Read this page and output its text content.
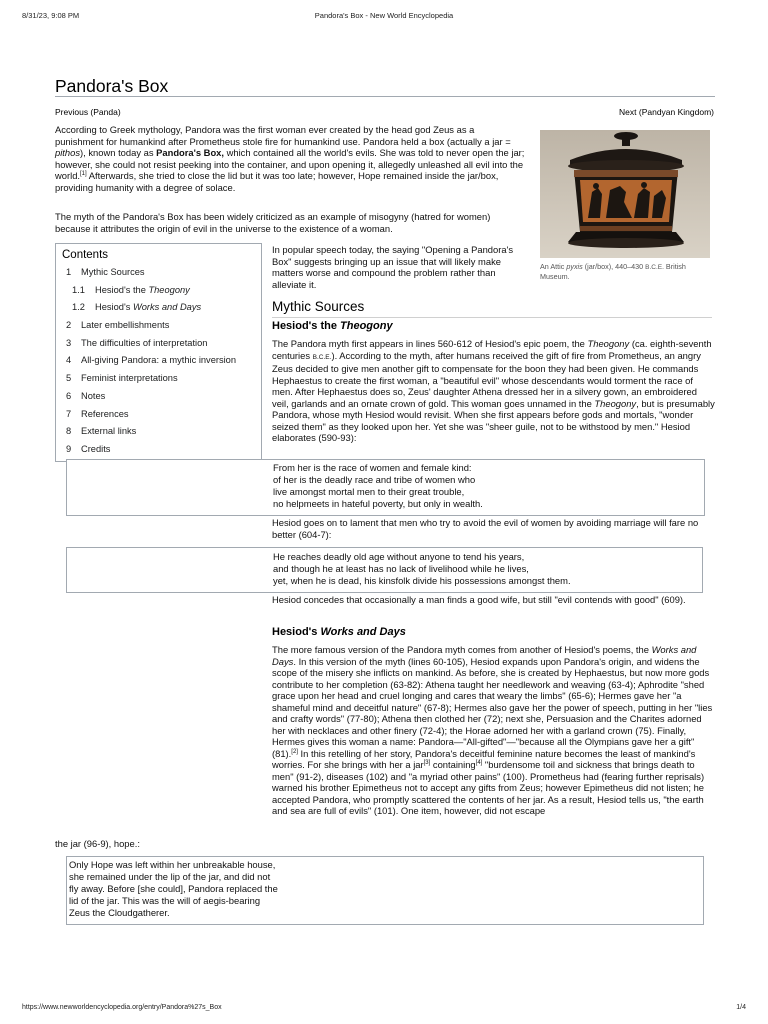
8/31/23, 9:08 PM	Pandora's Box - New World Encyclopedia
Pandora's Box
Previous (Panda)	Next (Pandyan Kingdom)

According to Greek mythology, Pandora was the first woman ever created by the head god Zeus as a punishment for humankind after Prometheus stole fire for humankind use. Pandora held a box (actually a jar = pithos), known today as Pandora's Box, which contained all the world's evils. She was told to never open the jar; however, she could not resist peeking into the container, and upon opening it, allegedly unleashed all evil into the world.[1] Afterwards, she tried to close the lid but it was too late; however, Hope remained inside the jar/box, providing humanity with a degree of solace.

The myth of the Pandora's Box has been widely criticized as an example of misogyny (hatred for women) because it attributes the origin of evil in the universe to the existence of a woman.

An Attic pyxis (jar/box), 440–430 B.C.E. British Museum.
Contents
1 Mythic Sources
1.1 Hesiod's the Theogony
1.2 Hesiod's Works and Days
2 Later embellishments
3 The difficulties of interpretation
4 All-giving Pandora: a mythic inversion
5 Feminist interpretations
6 Notes
7 References
8 External links
9 Credits

In popular speech today, the saying "Opening a Pandora's Box" suggests bringing up an issue that will likely make matters worse and compound the problem rather than alleviate it.

Mythic Sources
Hesiod's the Theogony

The Pandora myth first appears in lines 560-612 of Hesiod's epic poem, the Theogony (ca. eighth-seventh centuries B.C.E.). According to the myth, after humans received the gift of fire from Prometheus, an angry Zeus decided to give men another gift to compensate for the boon they had been given. He commands Hephaestus to create the first woman, a "beautiful evil" whose descendants would torment the race of men. After Hephaestus does so, Zeus' daughter Athena dressed her in a silvery gown, an embroidered veil, garlands and an ornate crown of gold. This woman goes unnamed in the Theogony, but is presumably Pandora, whose myth Hesiod would revisit. When she first appears before gods and mortals, "wonder seized them" as they looked upon her. Yet she was "sheer guile, not to be withstood by men." Hesiod elaborates (590-93):

From her is the race of women and female kind:
of her is the deadly race and tribe of women who
live amongst mortal men to their great trouble,
no helpmeets in hateful poverty, but only in wealth.

Hesiod goes on to lament that men who try to avoid the evil of women by avoiding marriage will fare no better (604-7):

He reaches deadly old age without anyone to tend his years,
and though he at least has no lack of livelihood while he lives,
yet, when he is dead, his kinsfolk divide his possessions amongst them.

Hesiod concedes that occasionally a man finds a good wife, but still "evil contends with good" (609).

Hesiod's Works and Days

The more famous version of the Pandora myth comes from another of Hesiod's poems, the Works and Days. In this version of the myth (lines 60-105), Hesiod expands upon Pandora's origin, and widens the scope of the misery she inflicts on mankind. As before, she is created by Hephaestus, but now more gods contribute to her completion (63-82): Athena taught her needlework and weaving (63-4); Aphrodite "shed grace upon her head and cruel longing and cares that weary the limbs" (65-6); Hermes gave her "a shameful mind and deceitful nature" (67-8); Hermes also gave her the power of speech, putting in her "lies and crafty words" (77-80); Athena then clothed her (72); next she, Persuasion and the Charites adorned her with necklaces and other finery (72-4); the Horae adorned her with a garland crown (75). Finally, Hermes gives this woman a name: Pandora—"All-gifted"—"because all the Olympians gave her a gift" (81).[2] In this retelling of her story, Pandora's deceitful feminine nature becomes the least of mankind's worries. For she brings with her a jar[3] containing[4] "burdensome toil and sickness that brings death to men" (91-2), diseases (102) and "a myriad other pains" (100). Prometheus had (fearing further reprisals) warned his brother Epimetheus not to accept any gifts from Zeus; however Epimetheus did not listen; he accepted Pandora, who promptly scattered the contents of her jar. As a result, Hesiod tells us, "the earth and sea are full of evils" (101). One item, however, did not escape

the jar (96-9), hope.:

Only Hope was left within her unbreakable house,
she remained under the lip of the jar, and did not
fly away. Before [she could], Pandora replaced the
lid of the jar. This was the will of aegis-bearing
Zeus the Cloudgatherer.
https://www.newworldencyclopedia.org/entry/Pandora%27s_Box	1/4
